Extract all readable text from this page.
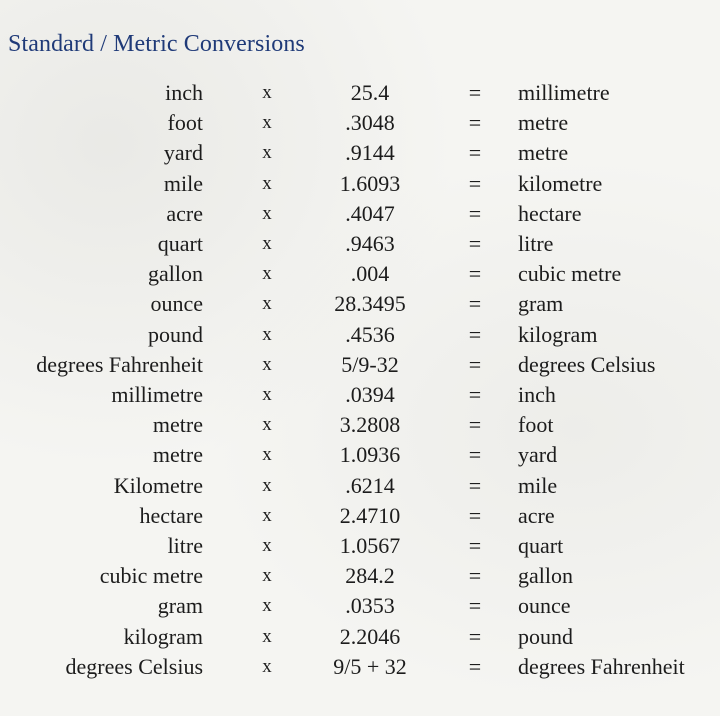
Standard / Metric Conversions
inch	x	25.4	= millimetre
foot	x	.3048	= metre
yard	x	.9144	= metre
mile	x	1.6093	= kilometre
acre	x	.4047	= hectare
quart	x	.9463	= litre
gallon	x	.004	= cubic metre
ounce	x	28.3495	= gram
pound	x	.4536	= kilogram
degrees Fahrenheit	x	5/9-32	= degrees Celsius
millimetre	x	.0394	= inch
metre	x	3.2808	= foot
metre	x	1.0936	= yard
Kilometre	x	.6214	= mile
hectare	x	2.4710	= acre
litre	x	1.0567	= quart
cubic metre	x	284.2	= gallon
gram	x	.0353	= ounce
kilogram	x	2.2046	= pound
degrees Celsius	x	9/5 + 32	= degrees Fahrenheit
